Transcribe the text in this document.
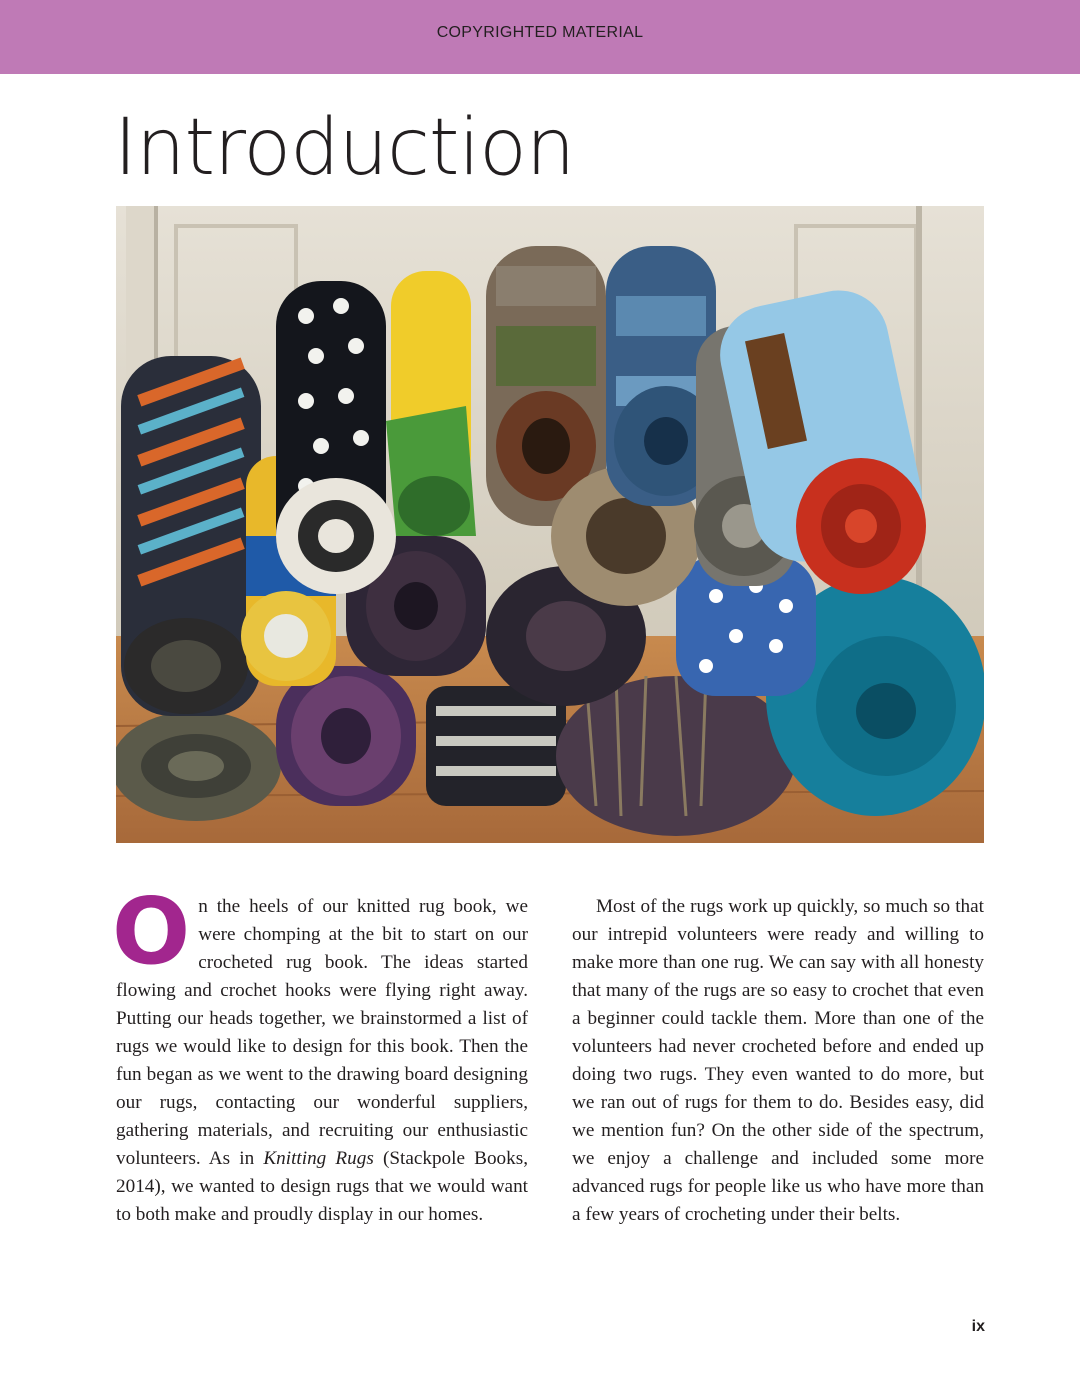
COPYRIGHTED MATERIAL
Introduction

On the heels of our knitted rug book, we were chomping at the bit to start on our crocheted rug book. The ideas started flowing and crochet hooks were flying right away. Putting our heads together, we brainstormed a list of rugs we would like to design for this book. Then the fun began as we went to the drawing board designing our rugs, contacting our wonderful suppliers, gathering materials, and recruiting our enthusiastic volunteers. As in Knitting Rugs (Stackpole Books, 2014), we wanted to design rugs that we would want to both make and proudly display in our homes.

Most of the rugs work up quickly, so much so that our intrepid volunteers were ready and willing to make more than one rug. We can say with all honesty that many of the rugs are so easy to crochet that even a beginner could tackle them. More than one of the volunteers had never crocheted before and ended up doing two rugs. They even wanted to do more, but we ran out of rugs for them to do. Besides easy, did we mention fun? On the other side of the spectrum, we enjoy a challenge and included some more advanced rugs for people like us who have more than a few years of crocheting under their belts.

ix
